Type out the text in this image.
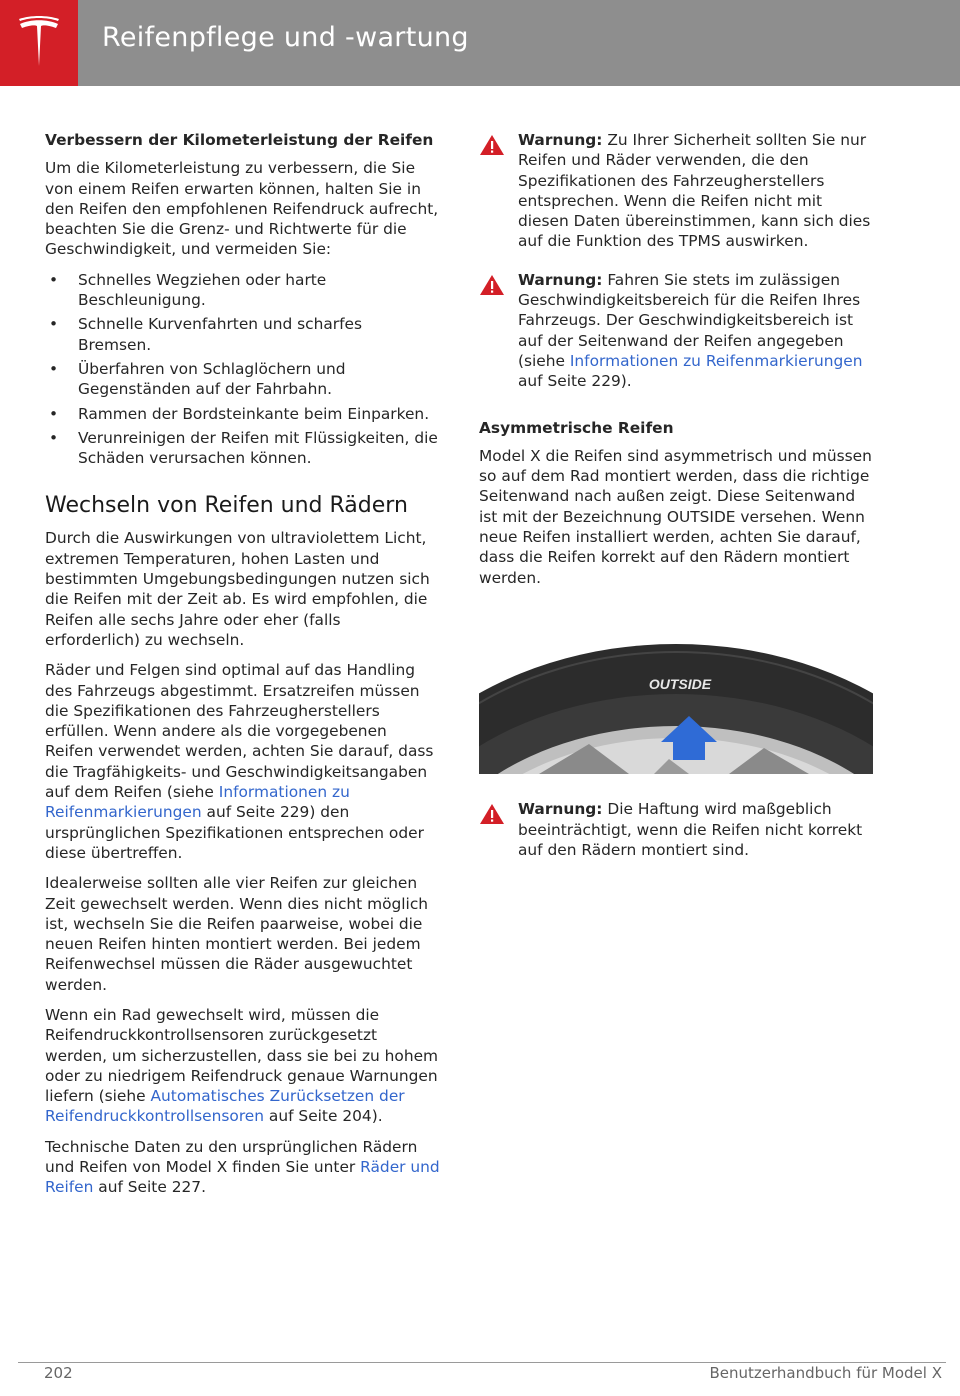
Reifenpflege und -wartung
Verbessern der Kilometerleistung der Reifen

Um die Kilometerleistung zu verbessern, die Sie von einem Reifen erwarten können, halten Sie in den Reifen den empfohlenen Reifendruck aufrecht, beachten Sie die Grenz- und Richtwerte für die Geschwindigkeit, und vermeiden Sie:

• Schnelles Wegziehen oder harte Beschleunigung.
• Schnelle Kurvenfahrten und scharfes Bremsen.
• Überfahren von Schlaglöchern und Gegenständen auf der Fahrbahn.
• Rammen der Bordsteinkante beim Einparken.
• Verunreinigen der Reifen mit Flüssigkeiten, die Schäden verursachen können.
Wechseln von Reifen und Rädern

Durch die Auswirkungen von ultraviolettem Licht, extremen Temperaturen, hohen Lasten und bestimmten Umgebungsbedingungen nutzen sich die Reifen mit der Zeit ab. Es wird empfohlen, die Reifen alle sechs Jahre oder eher (falls erforderlich) zu wechseln.

Räder und Felgen sind optimal auf das Handling des Fahrzeugs abgestimmt. Ersatzreifen müssen die Spezifikationen des Fahrzeugherstellers erfüllen. Wenn andere als die vorgegebenen Reifen verwendet werden, achten Sie darauf, dass die Tragfähigkeits- und Geschwindigkeitsangaben auf dem Reifen (siehe Informationen zu Reifenmarkierungen auf Seite 229) den ursprünglichen Spezifikationen entsprechen oder diese übertreffen.

Idealerweise sollten alle vier Reifen zur gleichen Zeit gewechselt werden. Wenn dies nicht möglich ist, wechseln Sie die Reifen paarweise, wobei die neuen Reifen hinten montiert werden. Bei jedem Reifenwechsel müssen die Räder ausgewuchtet werden.

Wenn ein Rad gewechselt wird, müssen die Reifendruckkontrollsensoren zurückgesetzt werden, um sicherzustellen, dass sie bei zu hohem oder zu niedrigem Reifendruck genaue Warnungen liefern (siehe Automatisches Zurücksetzen der Reifendruckkontrollsensoren auf Seite 204).

Technische Daten zu den ursprünglichen Rädern und Reifen von Model X finden Sie unter Räder und Reifen auf Seite 227.

Warnung: Zu Ihrer Sicherheit sollten Sie nur Reifen und Räder verwenden, die den Spezifikationen des Fahrzeugherstellers entsprechen. Wenn die Reifen nicht mit diesen Daten übereinstimmen, kann sich dies auf die Funktion des TPMS auswirken.
Warnung: Fahren Sie stets im zulässigen Geschwindigkeitsbereich für die Reifen Ihres Fahrzeugs. Der Geschwindigkeitsbereich ist auf der Seitenwand der Reifen angegeben (siehe Informationen zu Reifenmarkierungen auf Seite 229).
Asymmetrische Reifen

Model X die Reifen sind asymmetrisch und müssen so auf dem Rad montiert werden, dass die richtige Seitenwand nach außen zeigt. Diese Seitenwand ist mit der Bezeichnung OUTSIDE versehen. Wenn neue Reifen installiert werden, achten Sie darauf, dass die Reifen korrekt auf den Rädern montiert werden.

OUTSIDE
Warnung: Die Haftung wird maßgeblich beeinträchtigt, wenn die Reifen nicht korrekt auf den Rädern montiert sind.
202	Benutzerhandbuch für Model X
